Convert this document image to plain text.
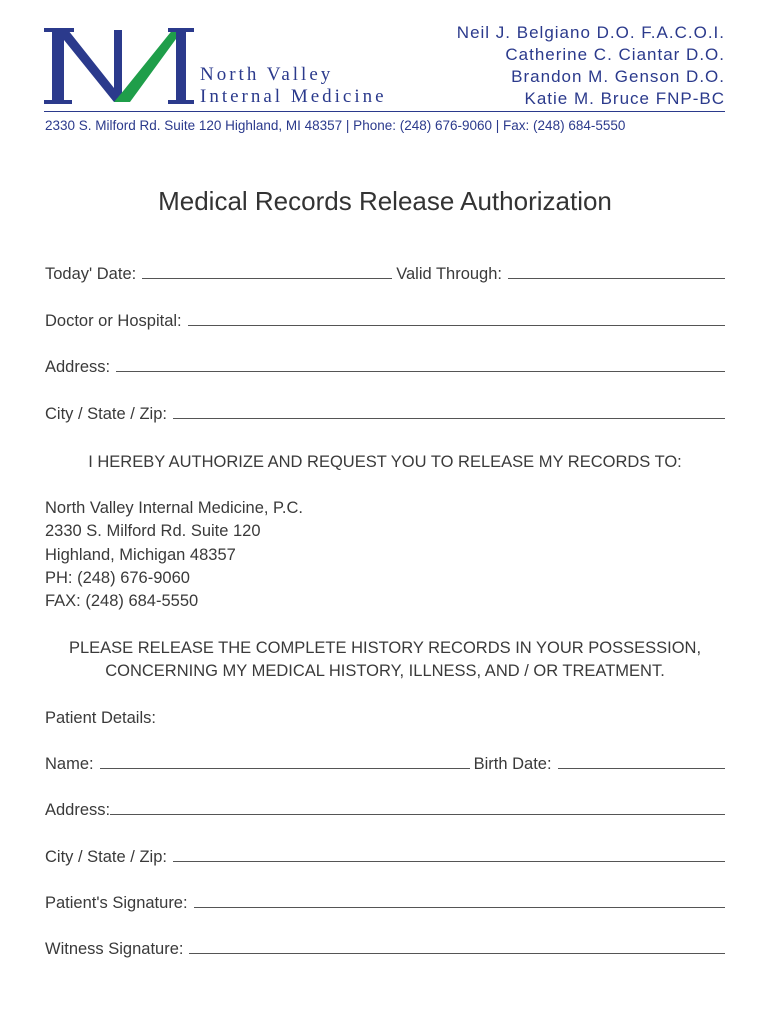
North Valley
Internal Medicine
Neil J. Belgiano D.O. F.A.C.O.I.
Catherine C. Ciantar D.O.
Brandon M. Genson D.O.
Katie M. Bruce FNP-BC
2330 S. Milford Rd. Suite 120 Highland, MI 48357 | Phone: (248) 676-9060 | Fax: (248) 684-5550
Medical Records Release Authorization
Today' Date:	Valid Through:
Doctor or Hospital:
Address:
City / State / Zip:
I HEREBY AUTHORIZE AND REQUEST YOU TO RELEASE MY RECORDS TO:
North Valley Internal Medicine, P.C.
2330 S. Milford Rd. Suite 120
Highland, Michigan 48357
PH: (248) 676-9060
FAX: (248) 684-5550
PLEASE RELEASE THE COMPLETE HISTORY RECORDS IN YOUR POSSESSION,
CONCERNING MY MEDICAL HISTORY, ILLNESS, AND / OR TREATMENT.
Patient Details:
Name:	Birth Date:
Address:
City / State / Zip:
Patient's Signature:
Witness Signature:
